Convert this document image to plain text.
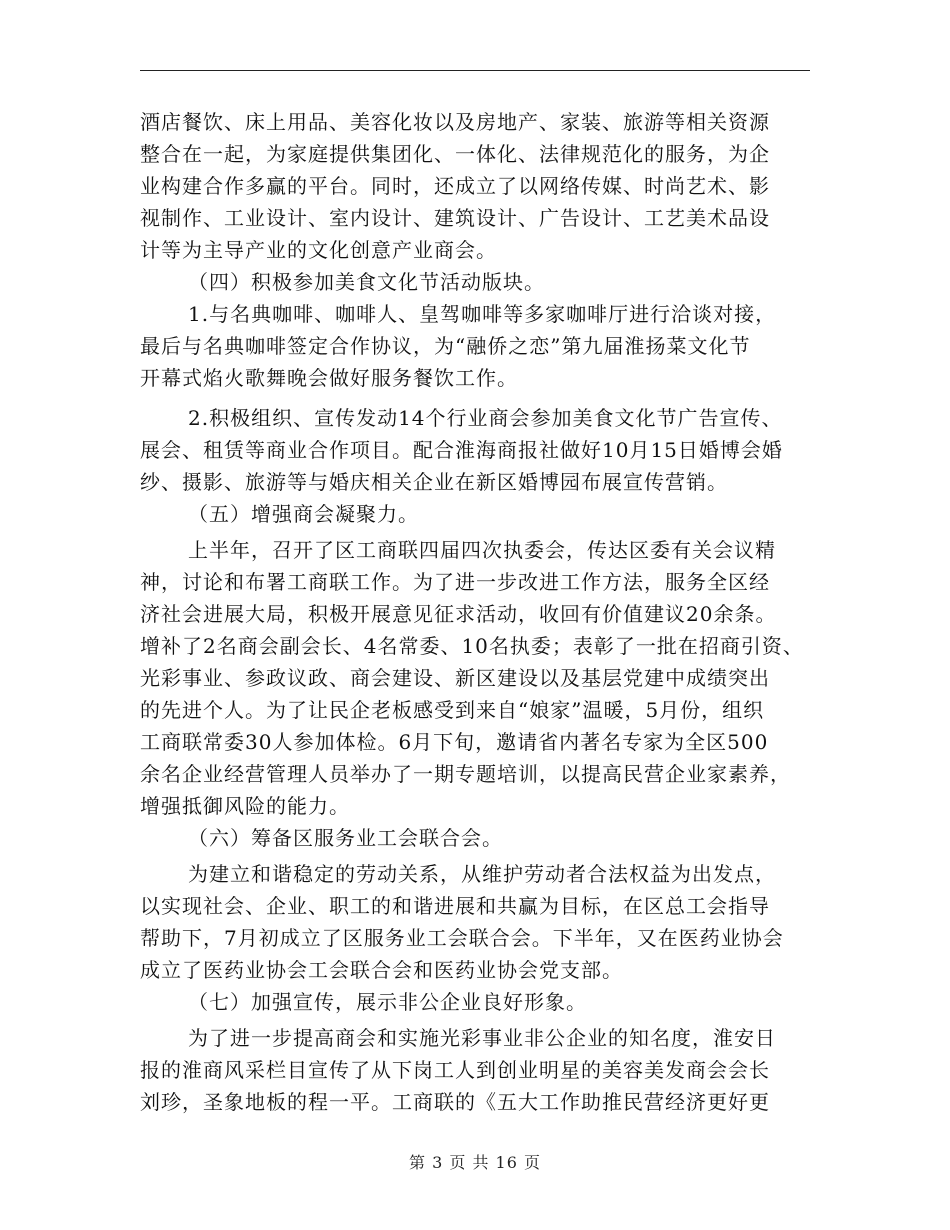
酒店餐饮、床上用品、美容化妆以及房地产、家装、旅游等相关资源
整合在一起，为家庭提供集团化、一体化、法律规范化的服务，为企
业构建合作多赢的平台。同时，还成立了以网络传媒、时尚艺术、影
视制作、工业设计、室内设计、建筑设计、广告设计、工艺美术品设
计等为主导产业的文化创意产业商会。
（四）积极参加美食文化节活动版块。
1.与名典咖啡、咖啡人、皇驾咖啡等多家咖啡厅进行洽谈对接，
最后与名典咖啡签定合作协议，为“融侨之恋”第九届淮扬菜文化节
开幕式焰火歌舞晚会做好服务餐饮工作。
2.积极组织、宣传发动14个行业商会参加美食文化节广告宣传、
展会、租赁等商业合作项目。配合淮海商报社做好10月15日婚博会婚
纱、摄影、旅游等与婚庆相关企业在新区婚博园布展宣传营销。
（五）增强商会凝聚力。
上半年，召开了区工商联四届四次执委会，传达区委有关会议精
神，讨论和布署工商联工作。为了进一步改进工作方法，服务全区经
济社会进展大局，积极开展意见征求活动，收回有价值建议20余条。
增补了2名商会副会长、4名常委、10名执委；表彰了一批在招商引资、
光彩事业、参政议政、商会建设、新区建设以及基层党建中成绩突出
的先进个人。为了让民企老板感受到来自“娘家”温暖，5月份，组织
工商联常委30人参加体检。6月下旬，邀请省内著名专家为全区500
余名企业经营管理人员举办了一期专题培训，以提高民营企业家素养，
增强抵御风险的能力。
（六）筹备区服务业工会联合会。
为建立和谐稳定的劳动关系，从维护劳动者合法权益为出发点，
以实现社会、企业、职工的和谐进展和共赢为目标，在区总工会指导
帮助下，7月初成立了区服务业工会联合会。下半年，又在医药业协会
成立了医药业协会工会联合会和医药业协会党支部。
（七）加强宣传，展示非公企业良好形象。
为了进一步提高商会和实施光彩事业非公企业的知名度，淮安日
报的淮商风采栏目宣传了从下岗工人到创业明星的美容美发商会会长
刘珍，圣象地板的程一平。工商联的《五大工作助推民营经济更好更
第 3 页 共 16 页
